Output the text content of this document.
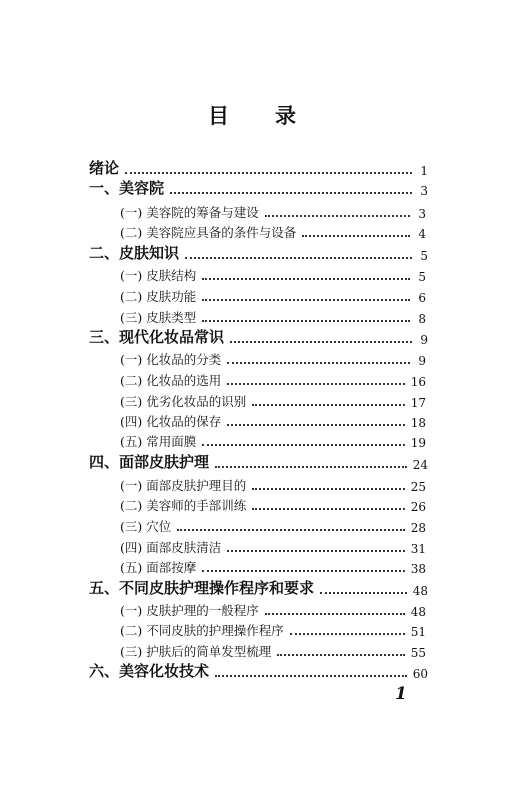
目 录
绪论	1
一、美容院	3
(一) 美容院的筹备与建设	3
(二) 美容院应具备的条件与设备	4
二、皮肤知识	5
(一) 皮肤结构	5
(二) 皮肤功能	6
(三) 皮肤类型	8
三、现代化妆品常识	9
(一) 化妆品的分类	9
(二) 化妆品的选用	16
(三) 优劣化妆品的识别	17
(四) 化妆品的保存	18
(五) 常用面膜	19
四、面部皮肤护理	24
(一) 面部皮肤护理目的	25
(二) 美容师的手部训练	26
(三) 穴位	28
(四) 面部皮肤清洁	31
(五) 面部按摩	38
五、不同皮肤护理操作程序和要求	48
(一) 皮肤护理的一般程序	48
(二) 不同皮肤的护理操作程序	51
(三) 护肤后的简单发型梳理	55
六、美容化妆技术	60
1
